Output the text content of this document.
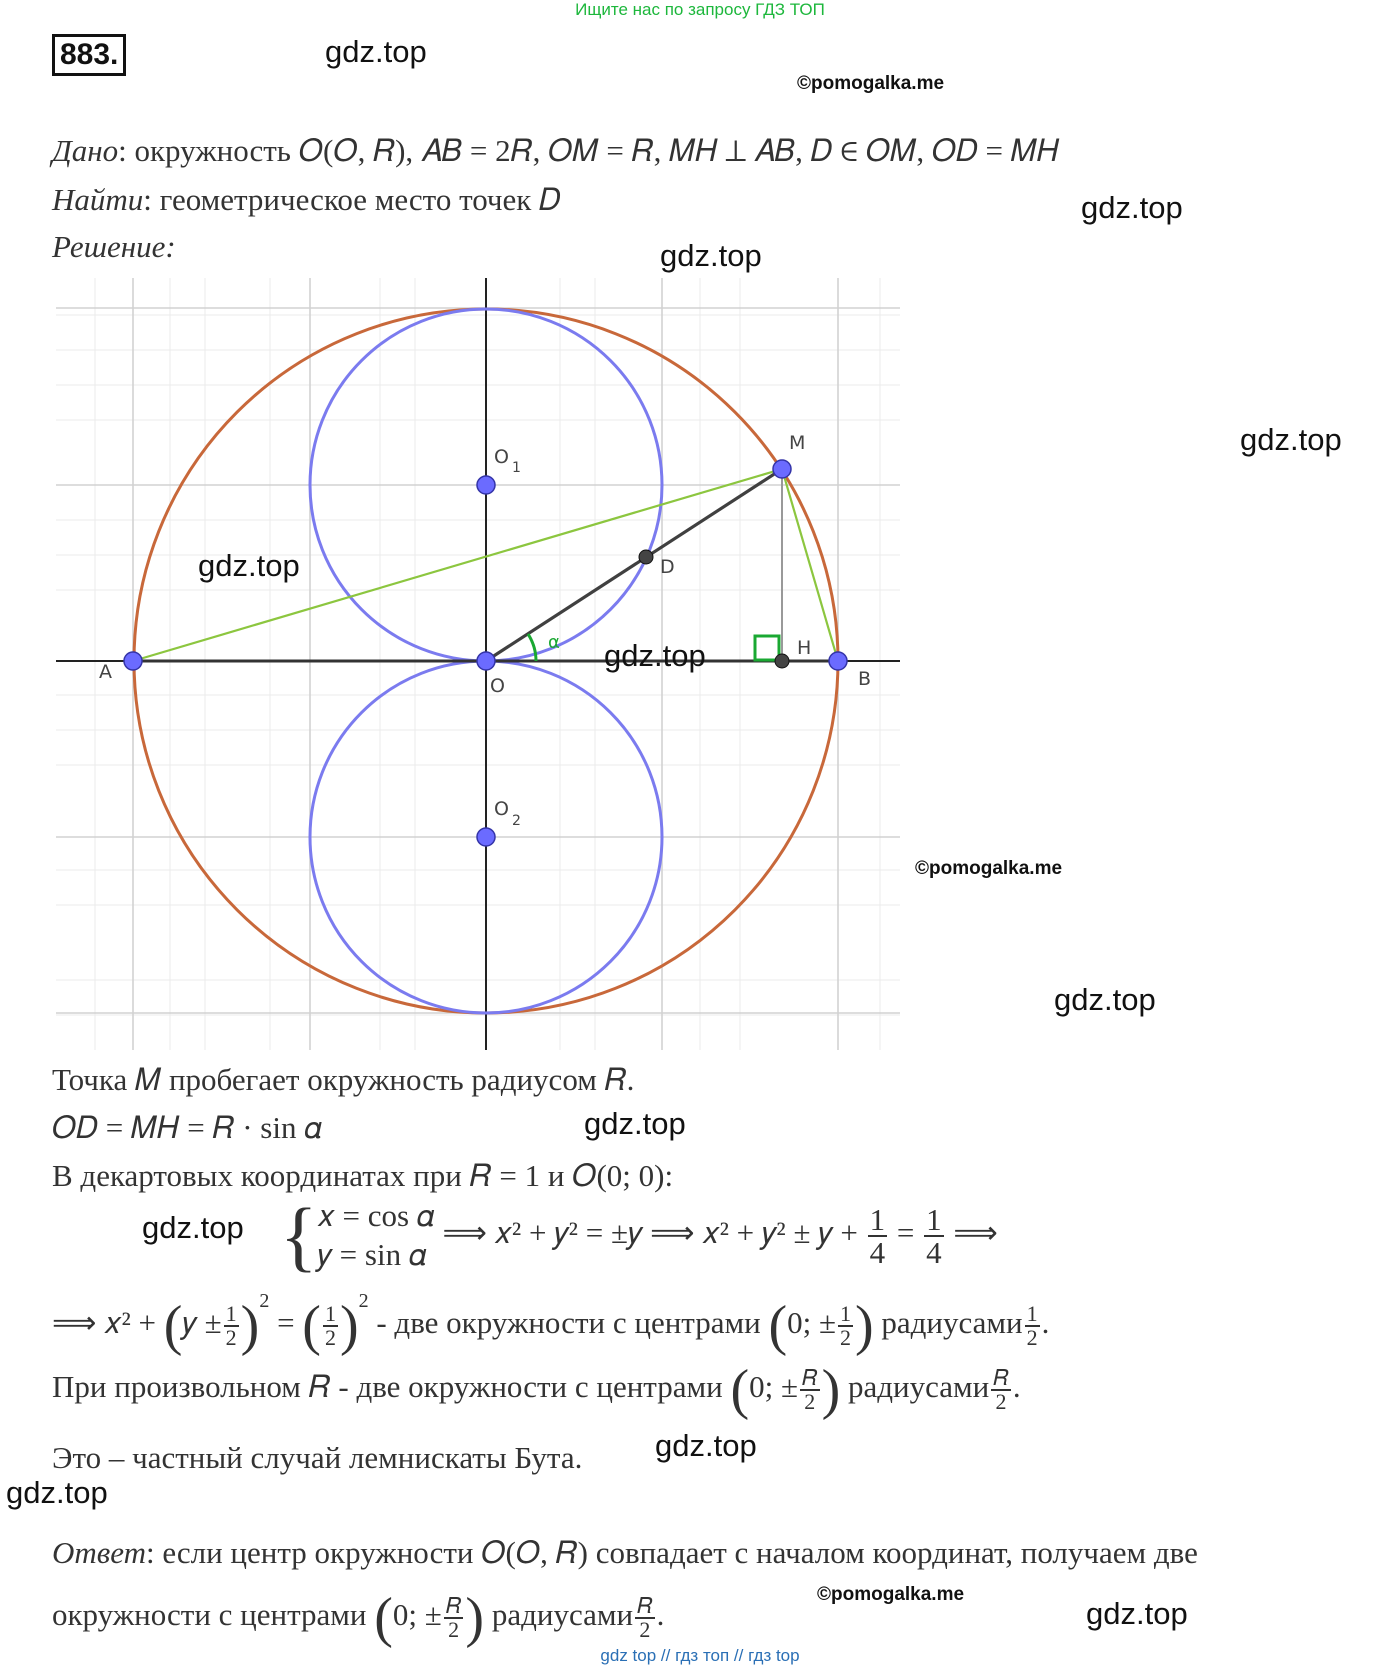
Ищите нас по запросу ГДЗ ТОП
883.	gdz.top
©pomogalka.me
Дано: окружность 𝑂(𝑂, 𝑅), 𝐴𝐵 = 2𝑅, 𝑂𝑀 = 𝑅, 𝑀𝐻 ⊥ 𝐴𝐵, 𝐷 ∈ 𝑂𝑀, 𝑂𝐷 = 𝑀𝐻
Найти: геометрическое место точек 𝐷	gdz.top
Решение:	gdz.top
A	B
O
M
D
H
O 1
O
2
α
gdz.top
gdz.top
gdz.top
©pomogalka.me
gdz.top
Точка 𝑀 пробегает окружность радиусом 𝑅.
𝑂𝐷 = 𝑀𝐻 = 𝑅 · sin 𝛼	gdz.top
В декартовых координатах при 𝑅 = 1 и 𝑂(0; 0):
gdz.top { 𝑥 = cos 𝛼
𝑦 = sin 𝛼
⟹ 𝑥² + 𝑦² = ±𝑦 ⟹ 𝑥² + 𝑦² ± 𝑦 + $\frac{1}{4} = \frac{1}{4}$ ⟹
⟹ 𝑥² + (𝑦 ± $\frac{1}{2} )^2$ = ( $\frac{1}{2} )^2$ - две окружности с центрами (0; ± $\frac{1}{2}$ ) радиусами $\frac{1}{2}$ .
При произвольном 𝑅 - две окружности с центрами (0; ± $\frac{\text{𝑅}}{2}$ ) радиусами $\frac{\text{𝑅}}{2}$ .
Это – частный случай лемнискаты Бута. gdz.top
gdz.top
Ответ: если центр окружности 𝑂(𝑂, 𝑅) совпадает с началом координат, получаем две
окружности с центрами (0; ± $\frac{\text{𝑅}}{2}$ ) радиусами $\frac{\text{𝑅}}{2}$ .
©pomogalka.me
gdz.top
gdz top // гдз топ // гдз top
